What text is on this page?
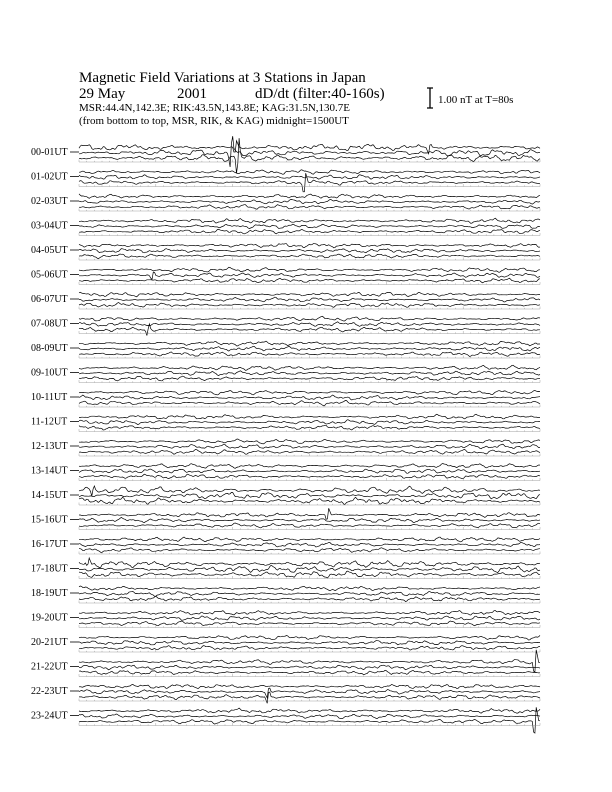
Magnetic Field Variations at 3 Stations in Japan
29 May	2001	dD/dt (filter:40-160s)
MSR:44.4N,142.3E; RIK:43.5N,143.8E; KAG:31.5N,130.7E
(from bottom to top, MSR, RIK, & KAG) midnight=1500UT
1.00 nT at T=80s
00-01UT
01-02UT
02-03UT
03-04UT
04-05UT
05-06UT
06-07UT
07-08UT
08-09UT
09-10UT
10-11UT
11-12UT
12-13UT
13-14UT
14-15UT
15-16UT
16-17UT
17-18UT
18-19UT
19-20UT
20-21UT
21-22UT
22-23UT
23-24UT
